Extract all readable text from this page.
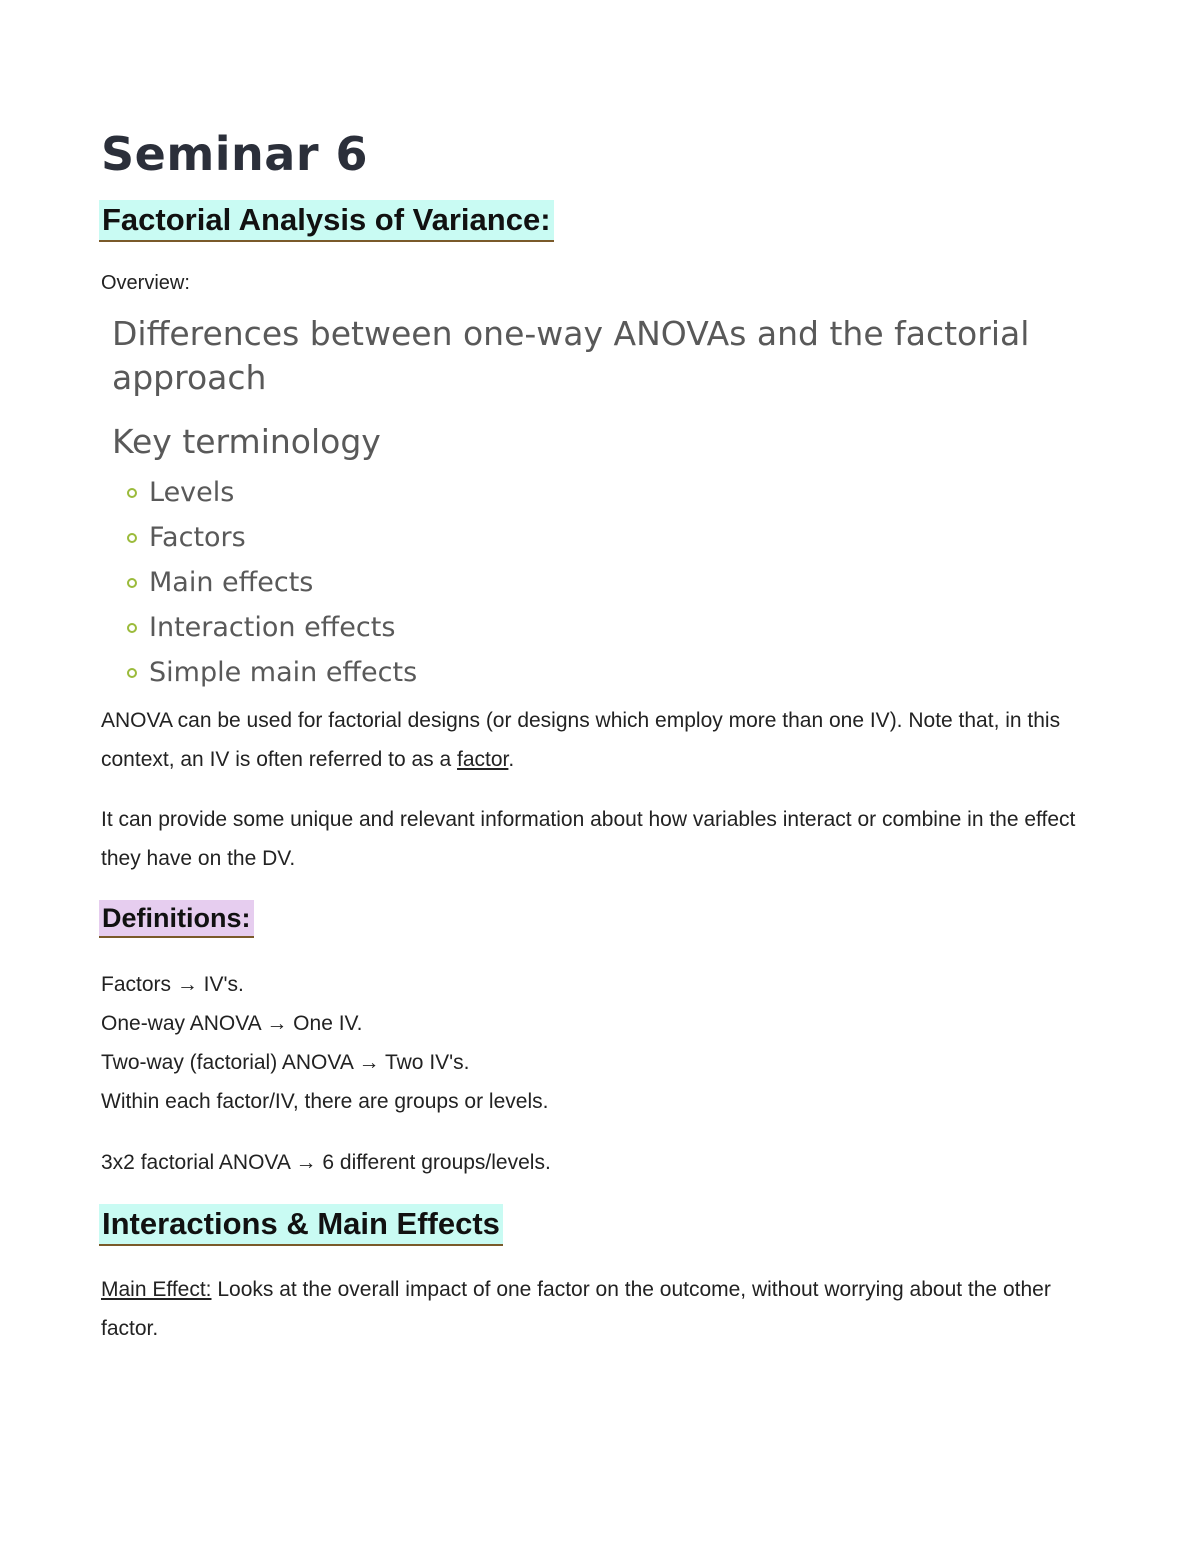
Seminar 6
Factorial Analysis of Variance:
Overview:
Differences between one-way ANOVAs and the factorial
approach
Key terminology
Levels
Factors
Main effects
Interaction effects
Simple main effects
ANOVA can be used for factorial designs (or designs which employ more than one IV). Note that, in this context, an IV is often referred to as a factor.
It can provide some unique and relevant information about how variables interact or combine in the effect they have on the DV.
Definitions:
Factors → IV's.
One-way ANOVA → One IV.
Two-way (factorial) ANOVA → Two IV's.
Within each factor/IV, there are groups or levels.
3x2 factorial ANOVA → 6 different groups/levels.
Interactions & Main Effects
Main Effect: Looks at the overall impact of one factor on the outcome, without worrying about the other factor.
